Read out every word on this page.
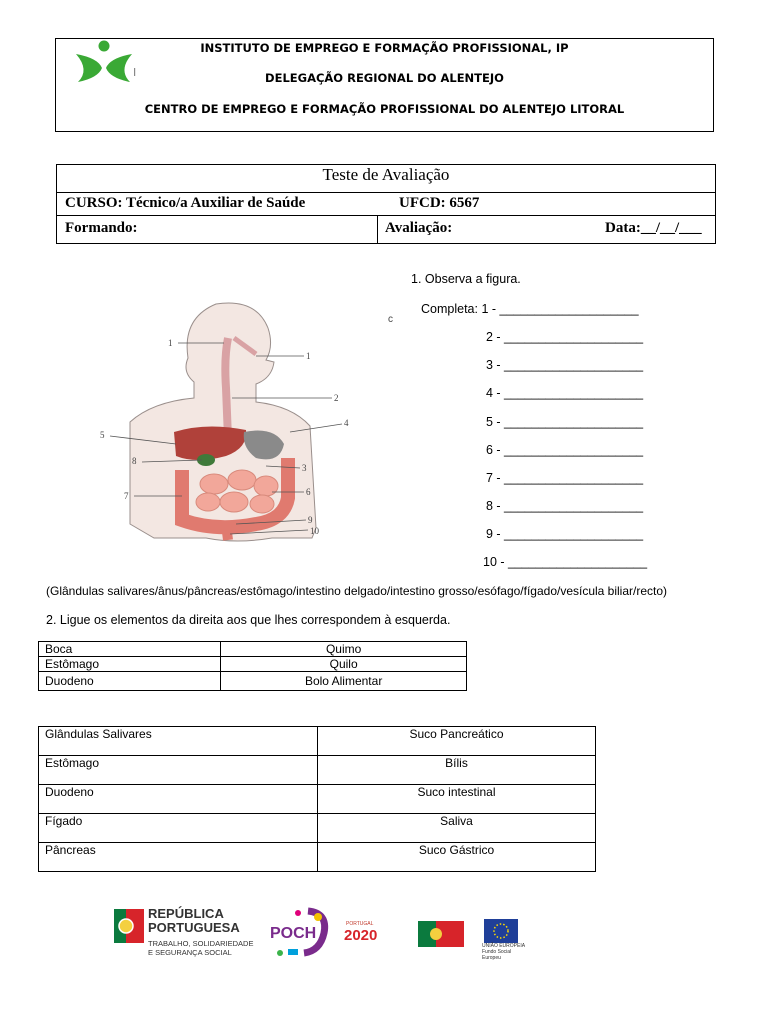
INSTITUTO DE EMPREGO E FORMAÇÃO PROFISSIONAL, IP
DELEGAÇÃO REGIONAL DO ALENTEJO
CENTRO DE EMPREGO E FORMAÇÃO PROFISSIONAL DO ALENTEJO LITORAL
Teste de Avaliação
CURSO: Técnico/a Auxiliar de Saúde	UFCD: 6567
Formando:	Avaliação:	Data:__/__/___
1. Observa a figura.
c
Completa: 1 - ____________________
2 - ____________________
3 - ____________________
4 - ____________________
5 - ____________________
6 - ____________________
7 - ____________________
8 - ____________________
9 - ____________________
10 - ____________________
1
1
2
4
5
8
3
6
7
9
10
(Glândulas salivares/ânus/pâncreas/estômago/intestino delgado/intestino grosso/esófago/fígado/vesícula biliar/recto)
2. Ligue os elementos da direita aos que lhes correspondem à esquerda.
Boca	Quimo
Estômago	Quilo
Duodeno	Bolo Alimentar
Glândulas Salivares	Suco Pancreático
Estômago	Bílis
Duodeno	Suco intestinal
Fígado	Saliva
Pâncreas	Suco Gástrico
REPÚBLICA
PORTUGUESA
TRABALHO, SOLIDARIEDADE
E SEGURANÇA SOCIAL
POCH
PORTUGAL
2020
UNIÃO EUROPEIA
Fundo Social Europeu
